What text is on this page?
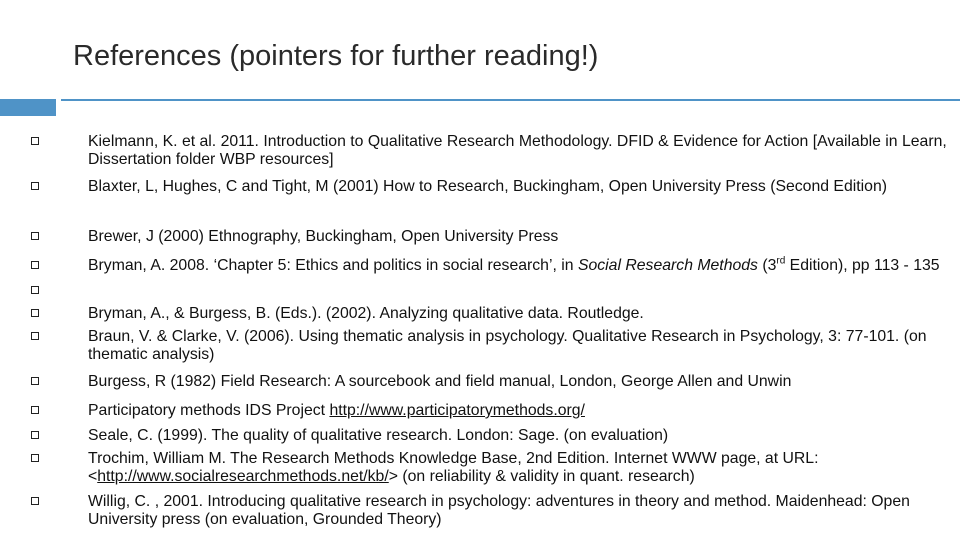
References (pointers for further reading!)
Kielmann, K. et al. 2011. Introduction to Qualitative Research Methodology. DFID & Evidence for Action [Available in Learn, Dissertation folder WBP resources]
Blaxter, L, Hughes, C and Tight, M (2001) How to Research, Buckingham, Open University Press (Second Edition)
Brewer, J (2000) Ethnography, Buckingham, Open University Press
Bryman, A. 2008. ‘Chapter 5: Ethics and politics in social research’, in Social Research Methods (3rd Edition), pp 113 - 135
Bryman, A., & Burgess, B. (Eds.). (2002). Analyzing qualitative data. Routledge.
Braun, V. & Clarke, V. (2006). Using thematic analysis in psychology. Qualitative Research in Psychology, 3: 77-101. (on thematic analysis)
Burgess, R (1982) Field Research: A sourcebook and field manual, London, George Allen and Unwin
Participatory methods IDS Project http://www.participatorymethods.org/
Seale, C. (1999). The quality of qualitative research. London: Sage. (on evaluation)
Trochim, William M. The Research Methods Knowledge Base, 2nd Edition. Internet WWW page, at URL: <http://www.socialresearchmethods.net/kb/> (on reliability & validity in quant. research)
Willig, C. , 2001. Introducing qualitative research in psychology: adventures in theory and method. Maidenhead: Open University press (on evaluation, Grounded Theory)
